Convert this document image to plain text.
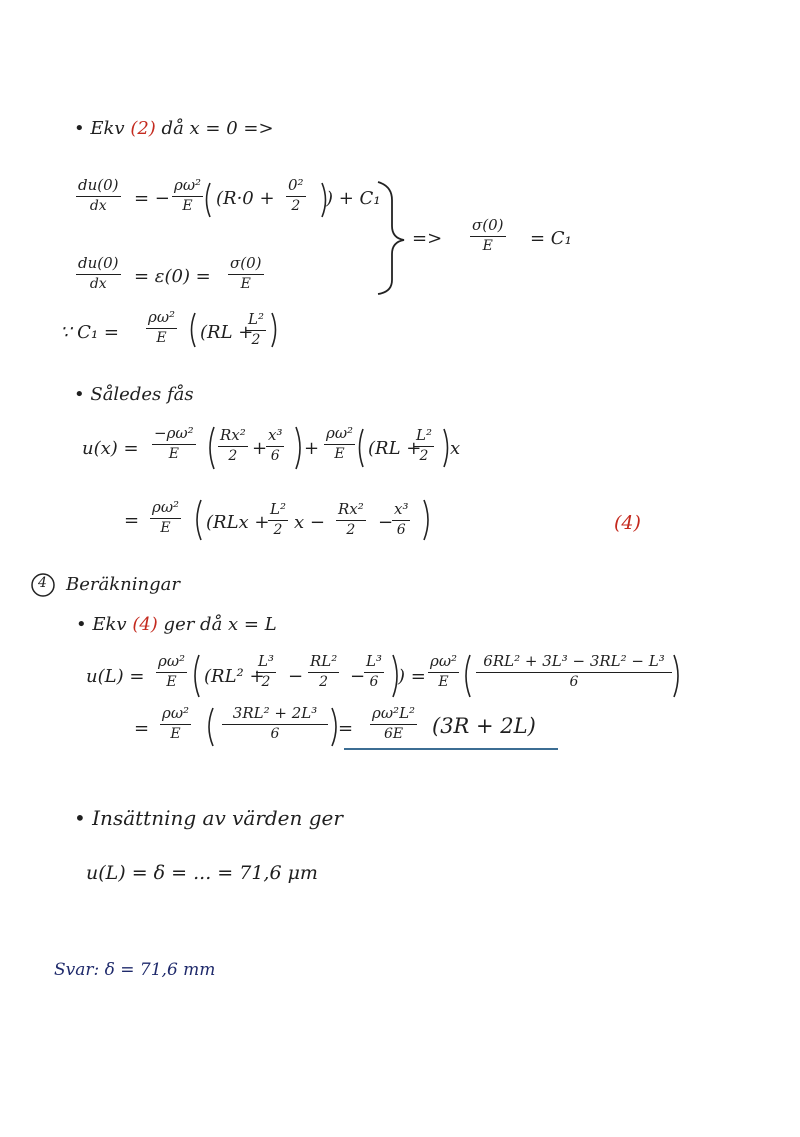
• Ekv (2) då x = 0 =>
du(0)
dx = −
ρω²
E (R·0 +
0²
2 ) + C₁
du(0)
dx = ε(0) =
σ(0)
E
=>
σ(0)
E = C₁
∵ C₁ =
ρω²
E (RL +
L²
2
• Således fås
u(x) =
−ρω²
E
Rx²
2 +
x³
6 +
ρω²
E (RL +
L²
2 x
=
ρω²
E (RLx +
L²
2 x −
Rx²
2 −
x³
6	(4)
4 Beräkningar
• Ekv (4) ger då x = L
u(L) =
ρω²
E (RL² +
L³
2 −
RL²
2 −
L³
6 ) =
ρω²
E
6RL² + 3L³ − 3RL² − L³
6
=
ρω²
E
3RL² + 2L³
6	=
ρω²L²
6E (3R + 2L)
• Insättning av värden ger
u(L) = δ = ... = 71,6 μm
Svar: δ = 71,6 mm
